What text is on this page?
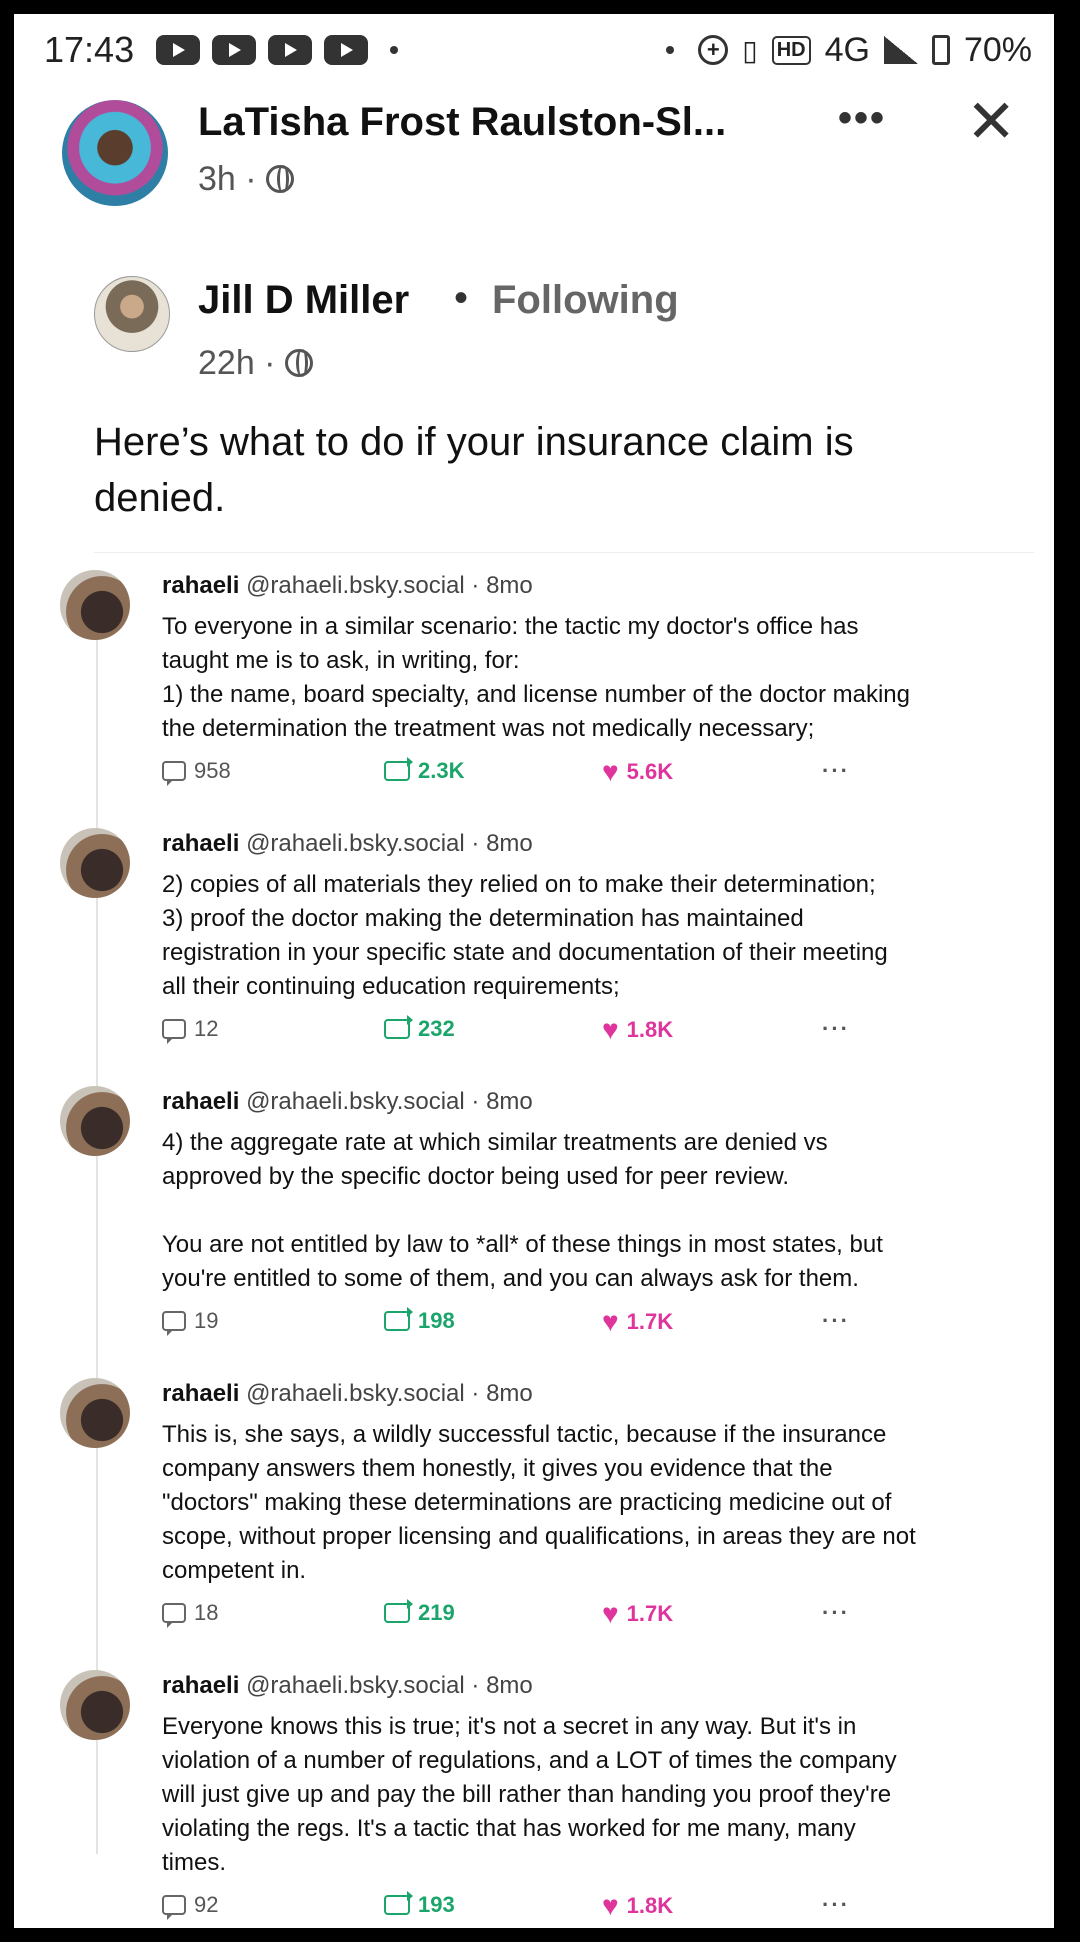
17:43	+ ▯ HD 4G	70%
LaTisha Frost Raulston-Sl...
3h ·
••• ✕
Jill D Miller • Following
22h ·
Here’s what to do if your insurance claim is denied.
rahaeli @rahaeli.bsky.social · 8mo
To everyone in a similar scenario: the tactic my doctor's office has
taught me is to ask, in writing, for:
1) the name, board specialty, and license number of the doctor making
the determination the treatment was not medically necessary;
958	2.3K	♥ 5.6K	···
rahaeli @rahaeli.bsky.social · 8mo
2) copies of all materials they relied on to make their determination;
3) proof the doctor making the determination has maintained
registration in your specific state and documentation of their meeting
all their continuing education requirements;
12	232	♥ 1.8K	···
rahaeli @rahaeli.bsky.social · 8mo
4) the aggregate rate at which similar treatments are denied vs
approved by the specific doctor being used for peer review.

You are not entitled by law to *all* of these things in most states, but
you're entitled to some of them, and you can always ask for them.
19	198	♥ 1.7K	···
rahaeli @rahaeli.bsky.social · 8mo
This is, she says, a wildly successful tactic, because if the insurance
company answers them honestly, it gives you evidence that the
"doctors" making these determinations are practicing medicine out of
scope, without proper licensing and qualifications, in areas they are not
competent in.
18	219	♥ 1.7K	···
rahaeli @rahaeli.bsky.social · 8mo
Everyone knows this is true; it's not a secret in any way. But it's in
violation of a number of regulations, and a LOT of times the company
will just give up and pay the bill rather than handing you proof they're
violating the regs. It's a tactic that has worked for me many, many
times.
92	193	♥ 1.8K	···
